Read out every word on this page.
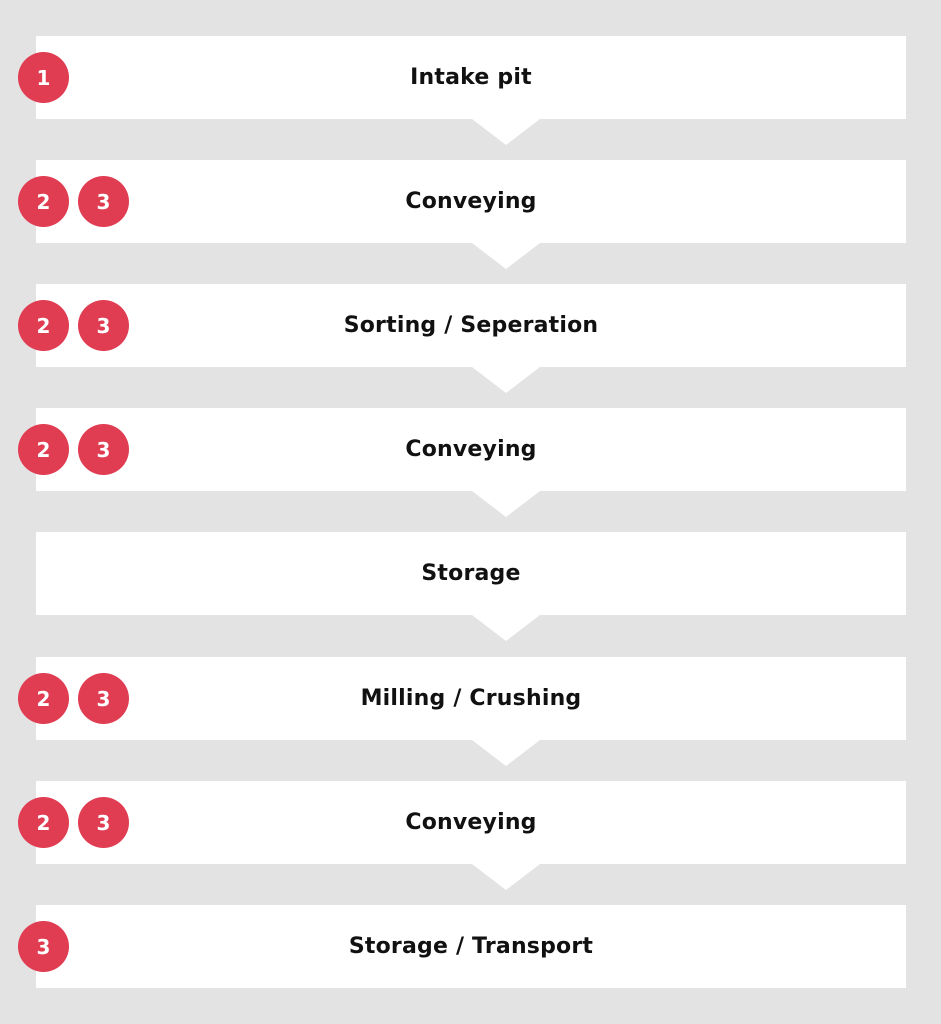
Intake pit
1
Conveying
2	3
Sorting / Seperation
2	3
Conveying
2	3
Storage
Milling / Crushing
2	3
Conveying
2	3
Storage / Transport
3
